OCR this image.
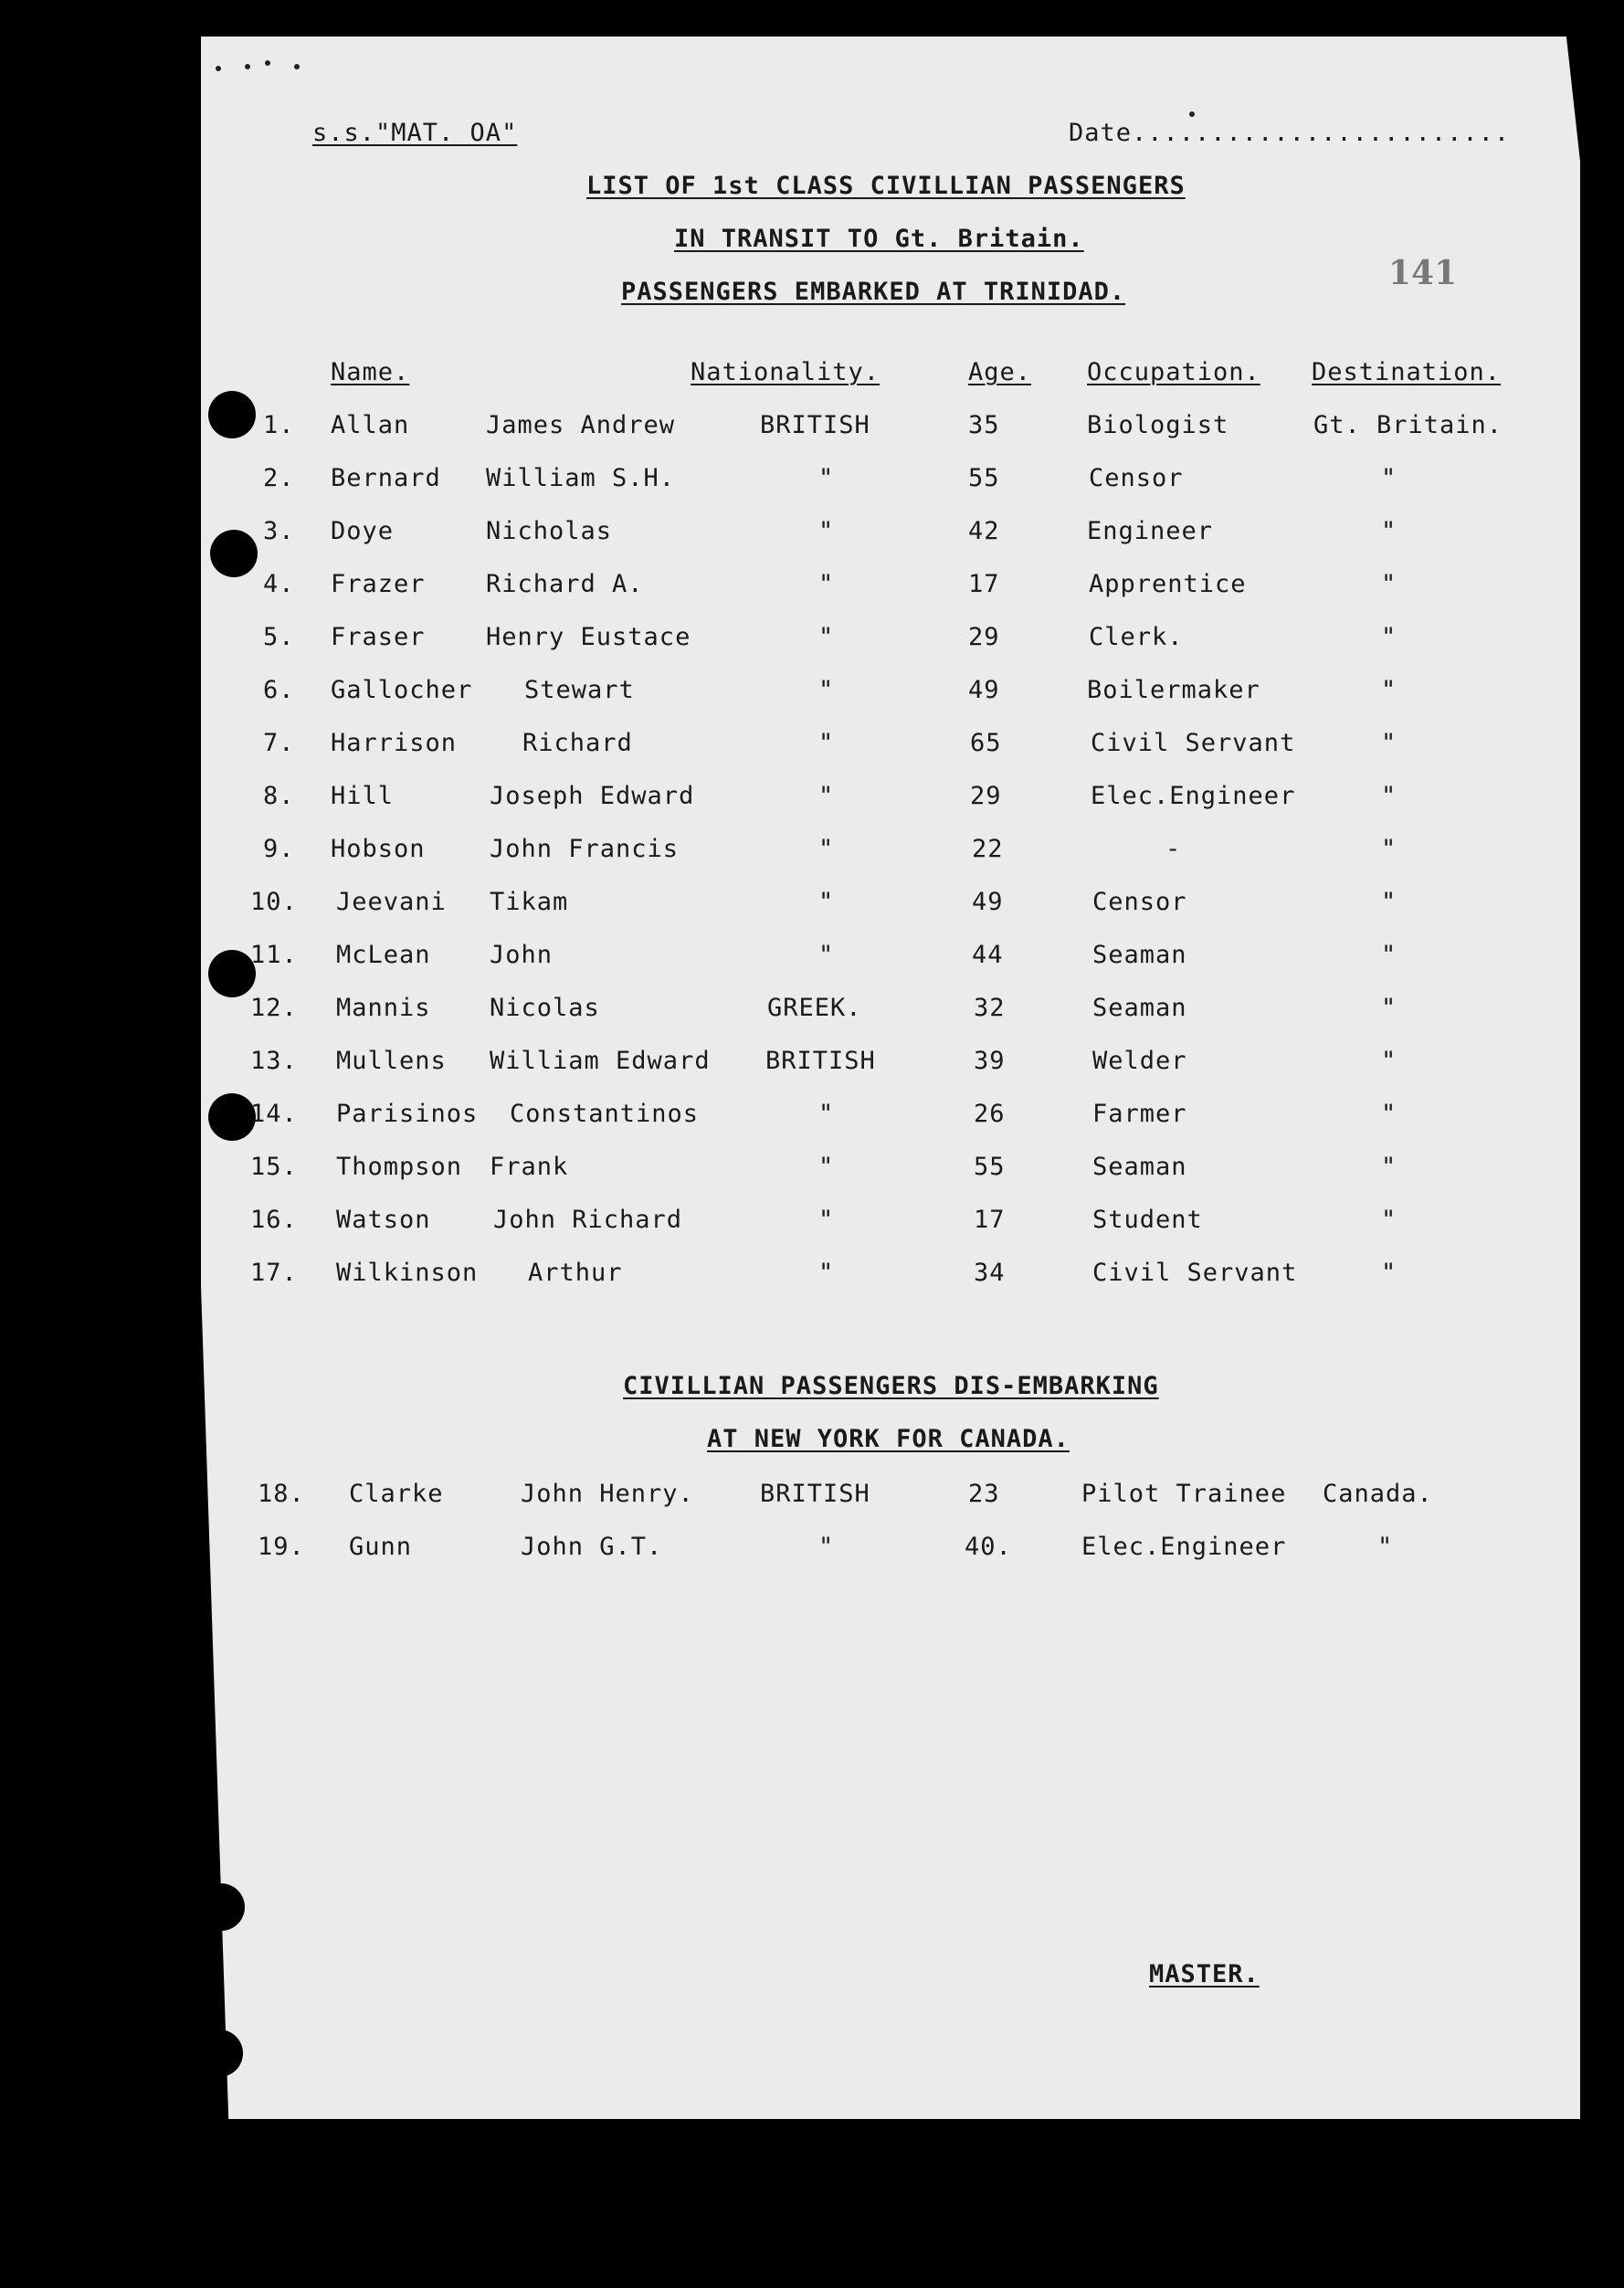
s.s."MAT. OA"	Date........................
141
LIST OF 1st CLASS CIVILLIAN PASSENGERS
IN TRANSIT TO Gt. Britain.
PASSENGERS EMBARKED AT TRINIDAD.
Name.	Nationality.	Age. Occupation. Destination.
1. Allan	James Andrew	BRITISH	35	Biologist	Gt. Britain.
2. Bernard William S.H.	"	55	Censor	"
3. Doye	Nicholas	"	42	Engineer	"
4. Frazer Richard A.	"	17	Apprentice	"
5. Fraser Henry Eustace	"	29	Clerk.	"
6. Gallocher Stewart	"	49	Boilermaker	"
7. Harrison	Richard	"	65	Civil Servant	"
8. Hill	Joseph Edward	"	29	Elec.Engineer	"
9. Hobson	John Francis	"	22	-	"
10. Jeevani Tikam	"	49	Censor	"
11. McLean John	"	44	Seaman	"
12. Mannis Nicolas	GREEK.	32	Seaman	"
13. Mullens William Edward BRITISH	39	Welder	"
14. Parisinos Constantinos	"	26	Farmer	"
15. Thompson Frank	"	55	Seaman	"
16. Watson	John Richard	"	17	Student	"
17. Wilkinson Arthur	"	34	Civil Servant	"
CIVILLIAN PASSENGERS DIS-EMBARKING
AT NEW YORK FOR CANADA.
18. Clarke	John Henry.	BRITISH	23	Pilot Trainee Canada.
19. Gunn	John G.T.	"	40.	Elec.Engineer	"
MASTER.
